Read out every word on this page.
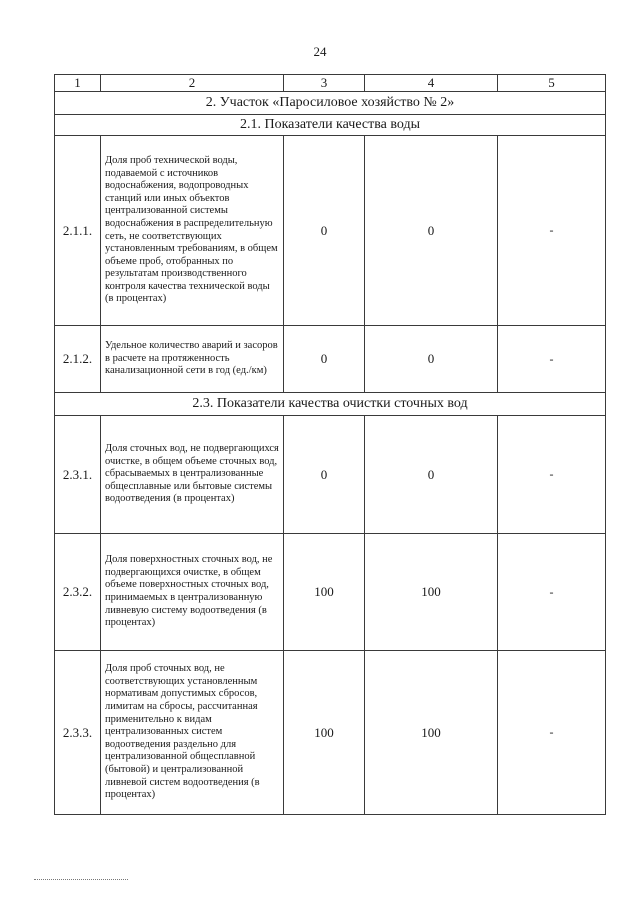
24
1	2	3	4	5
2. Участок «Паросиловое хозяйство № 2»				
2.1. Показатели качества воды				
2.1.1.	Доля проб технической воды, подаваемой с источников водоснабжения, водопроводных станций или иных объектов централизованной системы водоснабжения в распределительную сеть, не соответствующих установленным требованиям, в общем объеме проб, отобранных по результатам производственного контроля качества технической воды (в процентах)	0	0	-
2.1.2.	Удельное количество аварий и засоров в расчете на протяженность канализационной сети в год (ед./км)	0	0	-
2.3. Показатели качества очистки сточных вод				
2.3.1.	Доля сточных вод, не подвергающихся очистке, в общем объеме сточных вод, сбрасываемых в централизованные общесплавные или бытовые системы водоотведения (в процентах)	0	0	-
2.3.2.	Доля поверхностных сточных вод, не подвергающихся очистке, в общем объеме поверхностных сточных вод, принимаемых в централизованную ливневую систему водоотведения (в процентах)	100	100	-
2.3.3.	Доля проб сточных вод, не соответствующих установленным нормативам допустимых сбросов, лимитам на сбросы, рассчитанная применительно к видам централизованных систем водоотведения раздельно для централизованной общесплавной (бытовой) и централизованной ливневой систем водоотведения (в процентах)	100	100	-
